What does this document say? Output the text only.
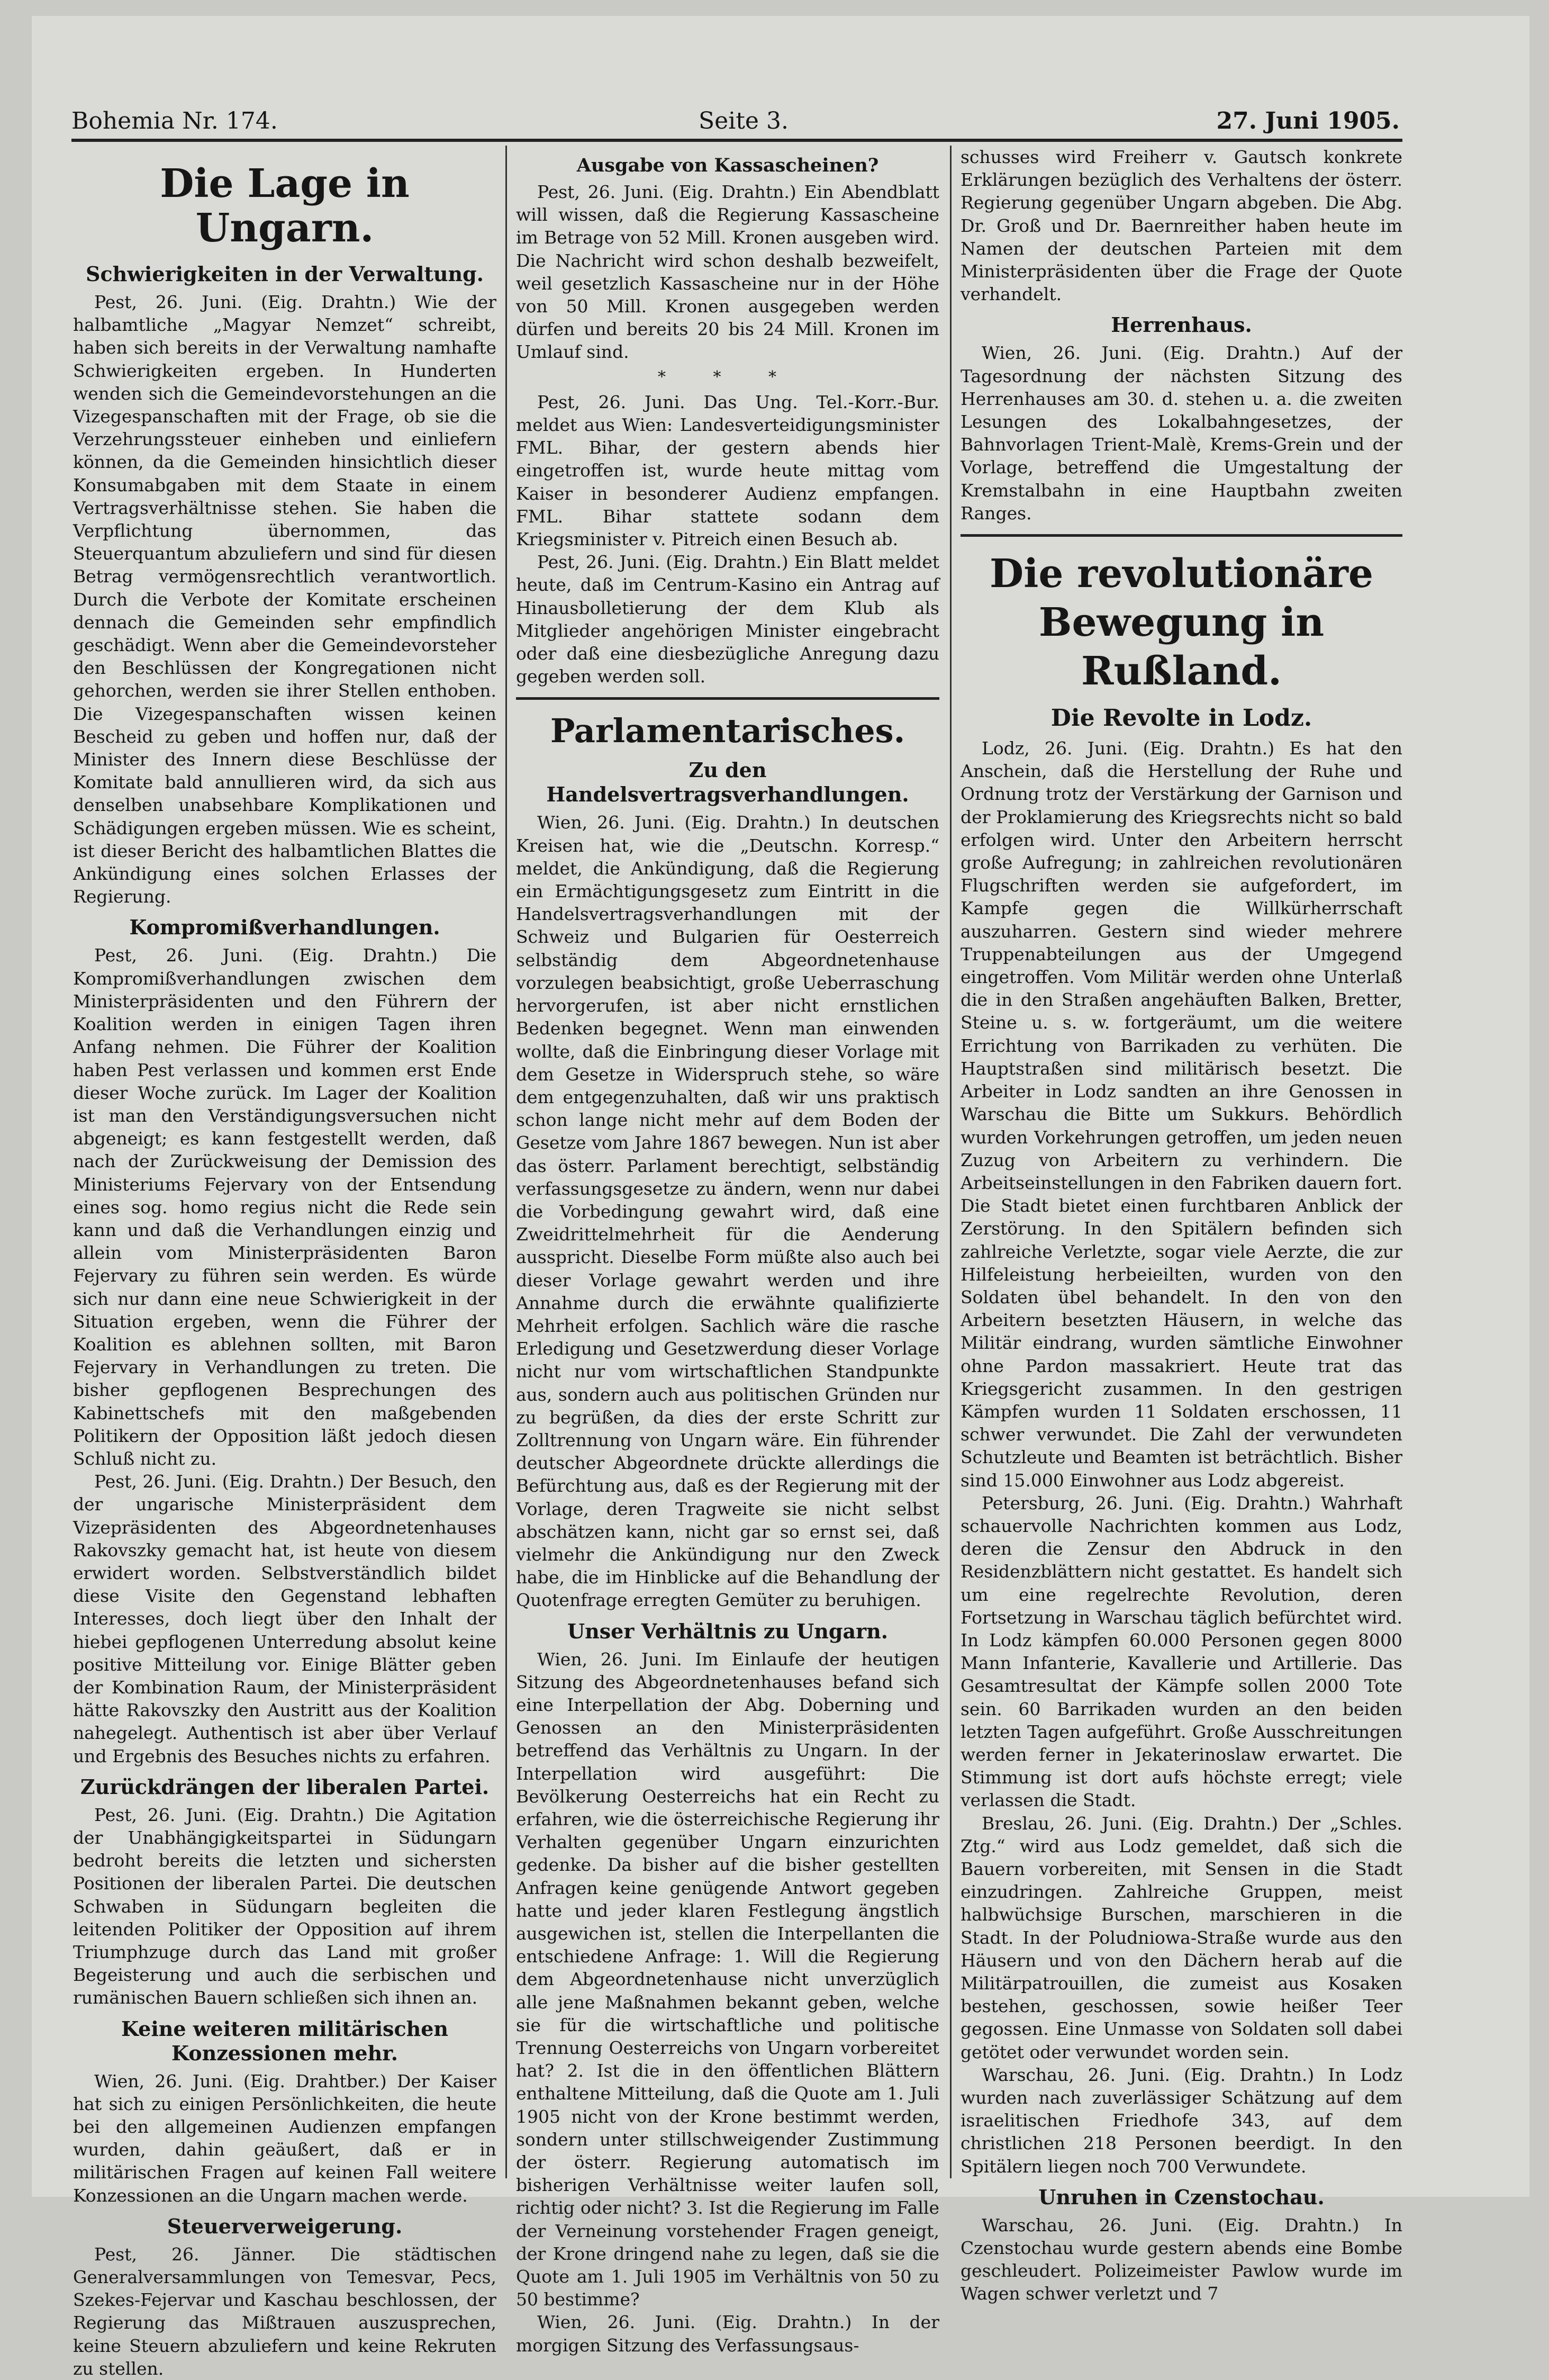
Bohemia Nr. 174.	Seite 3.	27. Juni 1905.
Die Lage in Ungarn.
Schwierigkeiten in der Verwaltung.

Pest, 26. Juni. (Eig. Drahtn.) Wie der halbamtliche „Magyar Nemzet“ schreibt, haben sich bereits in der Verwaltung namhafte Schwierigkeiten ergeben. In Hunderten wenden sich die Gemeindevorstehungen an die Vizegespanschaften mit der Frage, ob sie die Verzehrungssteuer einheben und einliefern können, da die Gemeinden hinsichtlich dieser Konsumabgaben mit dem Staate in einem Vertragsverhältnisse stehen. Sie haben die Verpflichtung übernommen, das Steuerquantum abzuliefern und sind für diesen Betrag vermögensrechtlich verantwortlich. Durch die Verbote der Komitate erscheinen dennach die Gemeinden sehr empfindlich geschädigt. Wenn aber die Gemeindevorsteher den Beschlüssen der Kongregationen nicht gehorchen, werden sie ihrer Stellen enthoben. Die Vizegespanschaften wissen keinen Bescheid zu geben und hoffen nur, daß der Minister des Innern diese Beschlüsse der Komitate bald annullieren wird, da sich aus denselben unabsehbare Komplikationen und Schädigungen ergeben müssen. Wie es scheint, ist dieser Bericht des halbamtlichen Blattes die Ankündigung eines solchen Erlasses der Regierung.

Kompromißverhandlungen.

Pest, 26. Juni. (Eig. Drahtn.) Die Kompromißverhandlungen zwischen dem Ministerpräsidenten und den Führern der Koalition werden in einigen Tagen ihren Anfang nehmen. Die Führer der Koalition haben Pest verlassen und kommen erst Ende dieser Woche zurück. Im Lager der Koalition ist man den Verständigungsversuchen nicht abgeneigt; es kann festgestellt werden, daß nach der Zurückweisung der Demission des Ministeriums Fejervary von der Entsendung eines sog. homo regius nicht die Rede sein kann und daß die Verhandlungen einzig und allein vom Ministerpräsidenten Baron Fejervary zu führen sein werden. Es würde sich nur dann eine neue Schwierigkeit in der Situation ergeben, wenn die Führer der Koalition es ablehnen sollten, mit Baron Fejervary in Verhandlungen zu treten. Die bisher gepflogenen Besprechungen des Kabinettschefs mit den maßgebenden Politikern der Opposition läßt jedoch diesen Schluß nicht zu.

Pest, 26. Juni. (Eig. Drahtn.) Der Besuch, den der ungarische Ministerpräsident dem Vizepräsidenten des Abgeordnetenhauses Rakovszky gemacht hat, ist heute von diesem erwidert worden. Selbstverständlich bildet diese Visite den Gegenstand lebhaften Interesses, doch liegt über den Inhalt der hiebei gepflogenen Unterredung absolut keine positive Mitteilung vor. Einige Blätter geben der Kombination Raum, der Ministerpräsident hätte Rakovszky den Austritt aus der Koalition nahegelegt. Authentisch ist aber über Verlauf und Ergebnis des Besuches nichts zu erfahren.

Zurückdrängen der liberalen Partei.

Pest, 26. Juni. (Eig. Drahtn.) Die Agitation der Unabhängigkeitspartei in Südungarn bedroht bereits die letzten und sichersten Positionen der liberalen Partei. Die deutschen Schwaben in Südungarn begleiten die leitenden Politiker der Opposition auf ihrem Triumphzuge durch das Land mit großer Begeisterung und auch die serbischen und rumänischen Bauern schließen sich ihnen an.

Keine weiteren militärischen Konzessionen mehr.

Wien, 26. Juni. (Eig. Drahtber.) Der Kaiser hat sich zu einigen Persönlichkeiten, die heute bei den allgemeinen Audienzen empfangen wurden, dahin geäußert, daß er in militärischen Fragen auf keinen Fall weitere Konzessionen an die Ungarn machen werde.

Steuerverweigerung.

Pest, 26. Jänner. Die städtischen Generalversammlungen von Temesvar, Pecs, Szekes-Fejervar und Kaschau beschlossen, der Regierung das Mißtrauen auszusprechen, keine Steuern abzuliefern und keine Rekruten zu stellen.

Ausgabe von Kassascheinen?

Pest, 26. Juni. (Eig. Drahtn.) Ein Abendblatt will wissen, daß die Regierung Kassascheine im Betrage von 52 Mill. Kronen ausgeben wird. Die Nachricht wird schon deshalb bezweifelt, weil gesetzlich Kassascheine nur in der Höhe von 50 Mill. Kronen ausgegeben werden dürfen und bereits 20 bis 24 Mill. Kronen im Umlauf sind.

* * *

Pest, 26. Juni. Das Ung. Tel.-Korr.-Bur. meldet aus Wien: Landesverteidigungsminister FML. Bihar, der gestern abends hier eingetroffen ist, wurde heute mittag vom Kaiser in besonderer Audienz empfangen. FML. Bihar stattete sodann dem Kriegsminister v. Pitreich einen Besuch ab.

Pest, 26. Juni. (Eig. Drahtn.) Ein Blatt meldet heute, daß im Centrum-Kasino ein Antrag auf Hinausbolletierung der dem Klub als Mitglieder angehörigen Minister eingebracht oder daß eine diesbezügliche Anregung dazu gegeben werden soll.

Parlamentarisches.
Zu den Handelsvertragsverhandlungen.

Wien, 26. Juni. (Eig. Drahtn.) In deutschen Kreisen hat, wie die „Deutschn. Korresp.“ meldet, die Ankündigung, daß die Regierung ein Ermächtigungsgesetz zum Eintritt in die Handelsvertragsverhandlungen mit der Schweiz und Bulgarien für Oesterreich selbständig dem Abgeordnetenhause vorzulegen beabsichtigt, große Ueberraschung hervorgerufen, ist aber nicht ernstlichen Bedenken begegnet. Wenn man einwenden wollte, daß die Einbringung dieser Vorlage mit dem Gesetze in Widerspruch stehe, so wäre dem entgegenzuhalten, daß wir uns praktisch schon lange nicht mehr auf dem Boden der Gesetze vom Jahre 1867 bewegen. Nun ist aber das österr. Parlament berechtigt, selbständig verfassungsgesetze zu ändern, wenn nur dabei die Vorbedingung gewahrt wird, daß eine Zweidrittelmehrheit für die Aenderung ausspricht. Dieselbe Form müßte also auch bei dieser Vorlage gewahrt werden und ihre Annahme durch die erwähnte qualifizierte Mehrheit erfolgen. Sachlich wäre die rasche Erledigung und Gesetzwerdung dieser Vorlage nicht nur vom wirtschaftlichen Standpunkte aus, sondern auch aus politischen Gründen nur zu begrüßen, da dies der erste Schritt zur Zolltrennung von Ungarn wäre. Ein führender deutscher Abgeordnete drückte allerdings die Befürchtung aus, daß es der Regierung mit der Vorlage, deren Tragweite sie nicht selbst abschätzen kann, nicht gar so ernst sei, daß vielmehr die Ankündigung nur den Zweck habe, die im Hinblicke auf die Behandlung der Quotenfrage erregten Gemüter zu beruhigen.

Unser Verhältnis zu Ungarn.

Wien, 26. Juni. Im Einlaufe der heutigen Sitzung des Abgeordnetenhauses befand sich eine Interpellation der Abg. Doberning und Genossen an den Ministerpräsidenten betreffend das Verhältnis zu Ungarn. In der Interpellation wird ausgeführt: Die Bevölkerung Oesterreichs hat ein Recht zu erfahren, wie die österreichische Regierung ihr Verhalten gegenüber Ungarn einzurichten gedenke. Da bisher auf die bisher gestellten Anfragen keine genügende Antwort gegeben hatte und jeder klaren Festlegung ängstlich ausgewichen ist, stellen die Interpellanten die entschiedene Anfrage: 1. Will die Regierung dem Abgeordnetenhause nicht unverzüglich alle jene Maßnahmen bekannt geben, welche sie für die wirtschaftliche und politische Trennung Oesterreichs von Ungarn vorbereitet hat? 2. Ist die in den öffentlichen Blättern enthaltene Mitteilung, daß die Quote am 1. Juli 1905 nicht von der Krone bestimmt werden, sondern unter stillschweigender Zustimmung der österr. Regierung automatisch im bisherigen Verhältnisse weiter laufen soll, richtig oder nicht? 3. Ist die Regierung im Falle der Verneinung vorstehender Fragen geneigt, der Krone dringend nahe zu legen, daß sie die Quote am 1. Juli 1905 im Verhältnis von 50 zu 50 bestimme?

Wien, 26. Juni. (Eig. Drahtn.) In der morgigen Sitzung des Verfassungsaus-

schusses wird Freiherr v. Gautsch konkrete Erklärungen bezüglich des Verhaltens der österr. Regierung gegenüber Ungarn abgeben. Die Abg. Dr. Groß und Dr. Baernreither haben heute im Namen der deutschen Parteien mit dem Ministerpräsidenten über die Frage der Quote verhandelt.

Herrenhaus.

Wien, 26. Juni. (Eig. Drahtn.) Auf der Tagesordnung der nächsten Sitzung des Herrenhauses am 30. d. stehen u. a. die zweiten Lesungen des Lokalbahngesetzes, der Bahnvorlagen Trient-Malè, Krems-Grein und der Vorlage, betreffend die Umgestaltung der Kremstalbahn in eine Hauptbahn zweiten Ranges.

Die revolutionäre Bewegung in Rußland.
Die Revolte in Lodz.

Lodz, 26. Juni. (Eig. Drahtn.) Es hat den Anschein, daß die Herstellung der Ruhe und Ordnung trotz der Verstärkung der Garnison und der Proklamierung des Kriegsrechts nicht so bald erfolgen wird. Unter den Arbeitern herrscht große Aufregung; in zahlreichen revolutionären Flugschriften werden sie aufgefordert, im Kampfe gegen die Willkürherrschaft auszuharren. Gestern sind wieder mehrere Truppenabteilungen aus der Umgegend eingetroffen. Vom Militär werden ohne Unterlaß die in den Straßen angehäuften Balken, Bretter, Steine u. s. w. fortgeräumt, um die weitere Errichtung von Barrikaden zu verhüten. Die Hauptstraßen sind militärisch besetzt. Die Arbeiter in Lodz sandten an ihre Genossen in Warschau die Bitte um Sukkurs. Behördlich wurden Vorkehrungen getroffen, um jeden neuen Zuzug von Arbeitern zu verhindern. Die Arbeitseinstellungen in den Fabriken dauern fort. Die Stadt bietet einen furchtbaren Anblick der Zerstörung. In den Spitälern befinden sich zahlreiche Verletzte, sogar viele Aerzte, die zur Hilfeleistung herbeieilten, wurden von den Soldaten übel behandelt. In den von den Arbeitern besetzten Häusern, in welche das Militär eindrang, wurden sämtliche Einwohner ohne Pardon massakriert. Heute trat das Kriegsgericht zusammen. In den gestrigen Kämpfen wurden 11 Soldaten erschossen, 11 schwer verwundet. Die Zahl der verwundeten Schutzleute und Beamten ist beträchtlich. Bisher sind 15.000 Einwohner aus Lodz abgereist.

Petersburg, 26. Juni. (Eig. Drahtn.) Wahrhaft schauervolle Nachrichten kommen aus Lodz, deren die Zensur den Abdruck in den Residenzblättern nicht gestattet. Es handelt sich um eine regelrechte Revolution, deren Fortsetzung in Warschau täglich befürchtet wird. In Lodz kämpfen 60.000 Personen gegen 8000 Mann Infanterie, Kavallerie und Artillerie. Das Gesamtresultat der Kämpfe sollen 2000 Tote sein. 60 Barrikaden wurden an den beiden letzten Tagen aufgeführt. Große Ausschreitungen werden ferner in Jekaterinoslaw erwartet. Die Stimmung ist dort aufs höchste erregt; viele verlassen die Stadt.

Breslau, 26. Juni. (Eig. Drahtn.) Der „Schles. Ztg.“ wird aus Lodz gemeldet, daß sich die Bauern vorbereiten, mit Sensen in die Stadt einzudringen. Zahlreiche Gruppen, meist halbwüchsige Burschen, marschieren in die Stadt. In der Poludniowa-Straße wurde aus den Häusern und von den Dächern herab auf die Militärpatrouillen, die zumeist aus Kosaken bestehen, geschossen, sowie heißer Teer gegossen. Eine Unmasse von Soldaten soll dabei getötet oder verwundet worden sein.

Warschau, 26. Juni. (Eig. Drahtn.) In Lodz wurden nach zuverlässiger Schätzung auf dem israelitischen Friedhofe 343, auf dem christlichen 218 Personen beerdigt. In den Spitälern liegen noch 700 Verwundete.

Unruhen in Czenstochau.

Warschau, 26. Juni. (Eig. Drahtn.) In Czenstochau wurde gestern abends eine Bombe geschleudert. Polizeimeister Pawlow wurde im Wagen schwer verletzt und 7
